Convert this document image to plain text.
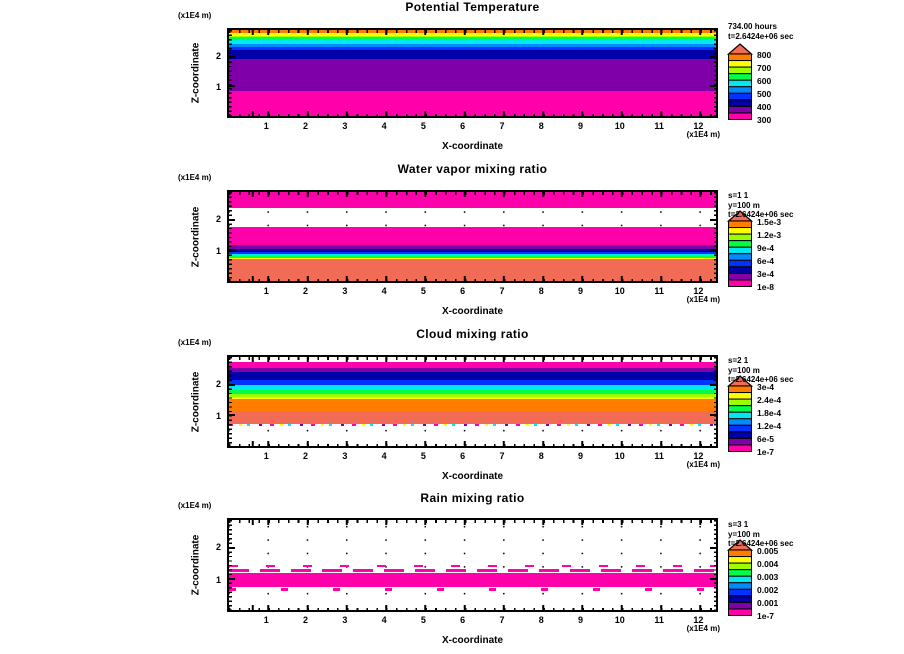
Potential Temperature
(x1E4 m)
Z-coordinate
(x1E4 m)
X-coordinate
1
2
1	2	3	4	5	6	7	8	9	10	11	12
734.00 hours
t=2.6424e+06 sec
800
700
600
500
400
300
Water vapor mixing ratio
(x1E4 m)
Z-coordinate
(x1E4 m)
X-coordinate
1
2
1	2	3	4	5	6	7	8	9	10	11	12
s=1 1
y=100 m
t=2.6424e+06 sec
1.5e-3
1.2e-3
9e-4
6e-4
3e-4
1e-8
Cloud mixing ratio
(x1E4 m)
Z-coordinate
(x1E4 m)
X-coordinate
1
2
1	2	3	4	5	6	7	8	9	10	11	12
s=2 1
y=100 m
t=2.6424e+06 sec
3e-4
2.4e-4
1.8e-4
1.2e-4
6e-5
1e-7
Rain mixing ratio
(x1E4 m)
Z-coordinate
(x1E4 m)
X-coordinate
1
2
1	2	3	4	5	6	7	8	9	10	11	12
s=3 1
y=100 m
t=2.6424e+06 sec
0.005
0.004
0.003
0.002
0.001
1e-7
